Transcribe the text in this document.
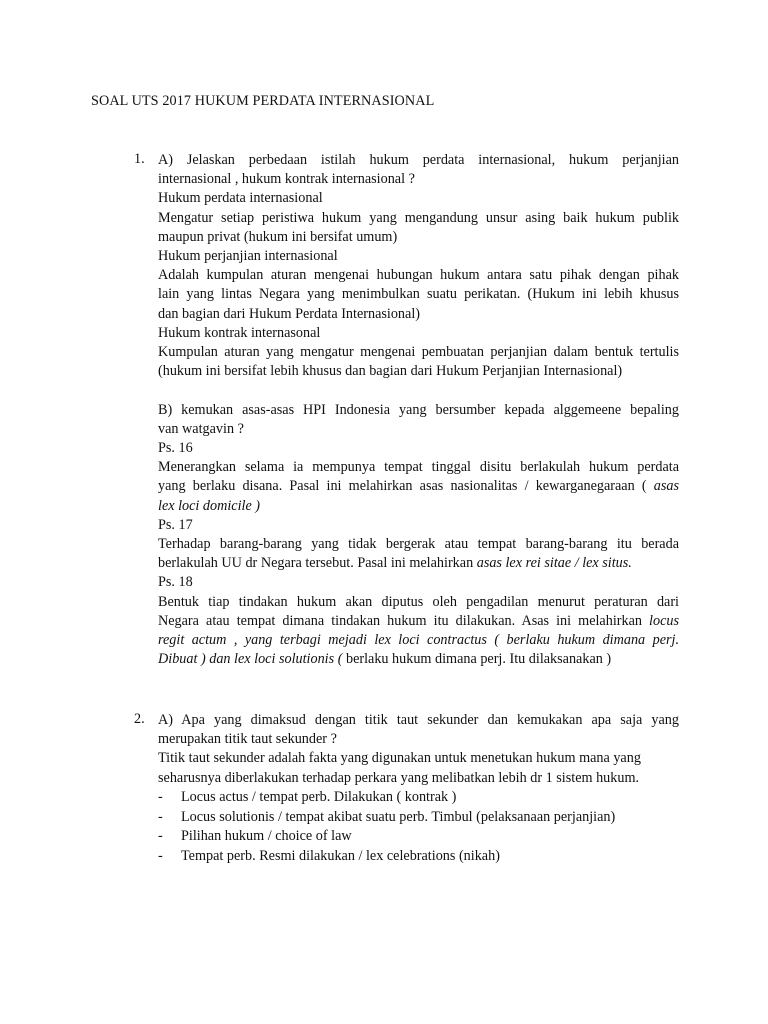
SOAL UTS 2017 HUKUM PERDATA INTERNASIONAL
1. A) Jelaskan perbedaan istilah hukum perdata internasional, hukum perjanjian
internasional , hukum kontrak internasional ?
Hukum perdata internasional
Mengatur setiap peristiwa hukum yang mengandung unsur asing baik hukum publik
maupun privat (hukum ini bersifat umum)
Hukum perjanjian internasional
Adalah kumpulan aturan mengenai hubungan hukum antara satu pihak dengan pihak
lain yang lintas Negara yang menimbulkan suatu perikatan. (Hukum ini lebih khusus
dan bagian dari Hukum Perdata Internasional)
Hukum kontrak internasonal
Kumpulan aturan yang mengatur mengenai pembuatan perjanjian dalam bentuk tertulis
(hukum ini bersifat lebih khusus dan bagian dari Hukum Perjanjian Internasional)
B) kemukan asas-asas HPI Indonesia yang bersumber kepada alggemeene bepaling
van watgavin ?
Ps. 16
Menerangkan selama ia mempunya tempat tinggal disitu berlakulah hukum perdata
yang berlaku disana. Pasal ini melahirkan asas nasionalitas / kewarganegaraan ( asas
lex loci domicile )
Ps. 17
Terhadap barang-barang yang tidak bergerak atau tempat barang-barang itu berada
berlakulah UU dr Negara tersebut. Pasal ini melahirkan asas lex rei sitae / lex situs.
Ps. 18
Bentuk tiap tindakan hukum akan diputus oleh pengadilan menurut peraturan dari
Negara atau tempat dimana tindakan hukum itu dilakukan. Asas ini melahirkan locus
regit actum , yang terbagi mejadi lex loci contractus ( berlaku hukum dimana perj.
Dibuat ) dan lex loci solutionis ( berlaku hukum dimana perj. Itu dilaksanakan )
2. A) Apa yang dimaksud dengan titik taut sekunder dan kemukakan apa saja yang
merupakan titik taut sekunder ?
Titik taut sekunder adalah fakta yang digunakan untuk menetukan hukum mana yang
seharusnya diberlakukan terhadap perkara yang melibatkan lebih dr 1 sistem hukum.
-	Locus actus / tempat perb. Dilakukan ( kontrak )
-	Locus solutionis / tempat akibat suatu perb. Timbul (pelaksanaan perjanjian)
-	Pilihan hukum / choice of law
-	Tempat perb. Resmi dilakukan / lex celebrations (nikah)
